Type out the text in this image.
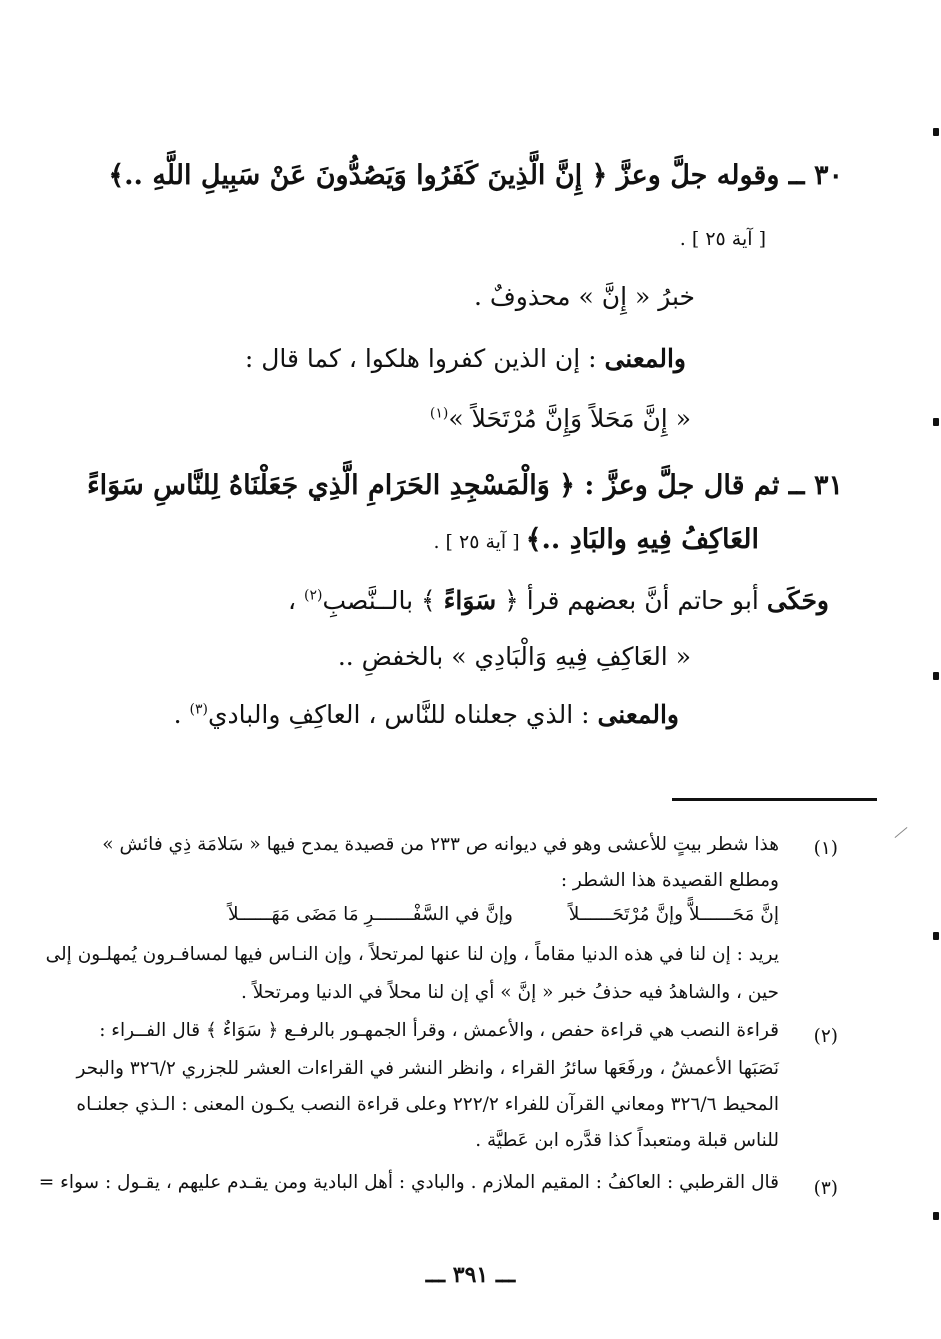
٣٠ ــ وقوله جلَّ وعزَّ ﴿ إِنَّ الَّذِينَ كَفَرُوا وَيَصُدُّونَ عَنْ سَبِيلِ اللَّهِ ..﴾
[ آية ٢٥ ] .
خبرُ « إِنَّ » محذوفٌ .
والمعنى : إن الذين كفروا هلكوا ، كما قال :
« إِنَّ مَحَلاً وَإِنَّ مُرْتَحَلاً »$^{(١)}$
٣١ ــ ثم قال جلَّ وعزَّ : ﴿ وَالْمَسْجِدِ الحَرَامِ الَّذِي جَعَلْنَاهُ لِلنَّاسِ سَوَاءً
العَاكِفُ فِيهِ والبَادِ ..﴾ [ آية ٢٥ ] .
وحَكَى أبو حاتم أنَّ بعضهم قرأ ﴿ سَوَاءً ﴾ بالــنَّصبِ$^{(٢)}$ ،
« العَاكِفِ فِيهِ وَالْبَادِي » بالخفضِ ..
والمعنى : الذي جعلناه للنَّاس ، العاكِفِ والبادي$^{(٣)}$ .
(١)
هذا شطر بيتٍ للأعشى وهو في ديوانه ص ٢٣٣ من قصيدة يمدح فيها « سَلامَة ذِي فائش »
ومطلع القصيدة هذا الشطر :
إنَّ مَحَــــــلاًّ وإنَّ مُرْتَحَــــــلاً
وإنَّ في السَّفْـــــــرِ مَا مَضَى مَهَــــــلاً
يريد : إن لنا في هذه الدنيا مقاماً ، وإن لنا عنها لمرتحلاً ، وإن النـاس فيها لمسافـرون يُمهلـون إلى
حين ، والشاهدُ فيه حذفُ خبر « إنَّ » أي إن لنا محلاً في الدنيا ومرتحلاً .
(٢)
قراءة النصب هي قراءة حفص ، والأعمش ، وقرأ الجمهـور بالرفـع ﴿ سَوَاءٌ ﴾ قال الفــراء :
نَصَبَها الأعمشُ ، ورفَعَها سائرُ القراء ، وانظر النشر في القراءات العشر للجزري ٣٢٦/٢ والبحر
المحيط ٣٢٦/٦ ومعاني القرآن للفراء ٢٢٢/٢ وعلى قراءة النصب يكـون المعنى : الـذي جعلنـاه
للناس قبلة ومتعبداً كذا قدَّره ابن عَطيَّة .
(٣)
قال القرطبي : العاكفُ : المقيم الملازم . والبادي : أهل البادية ومن يقـدم عليهم ، يقـول : سواء =
ـــ ٣٩١ ـــ
